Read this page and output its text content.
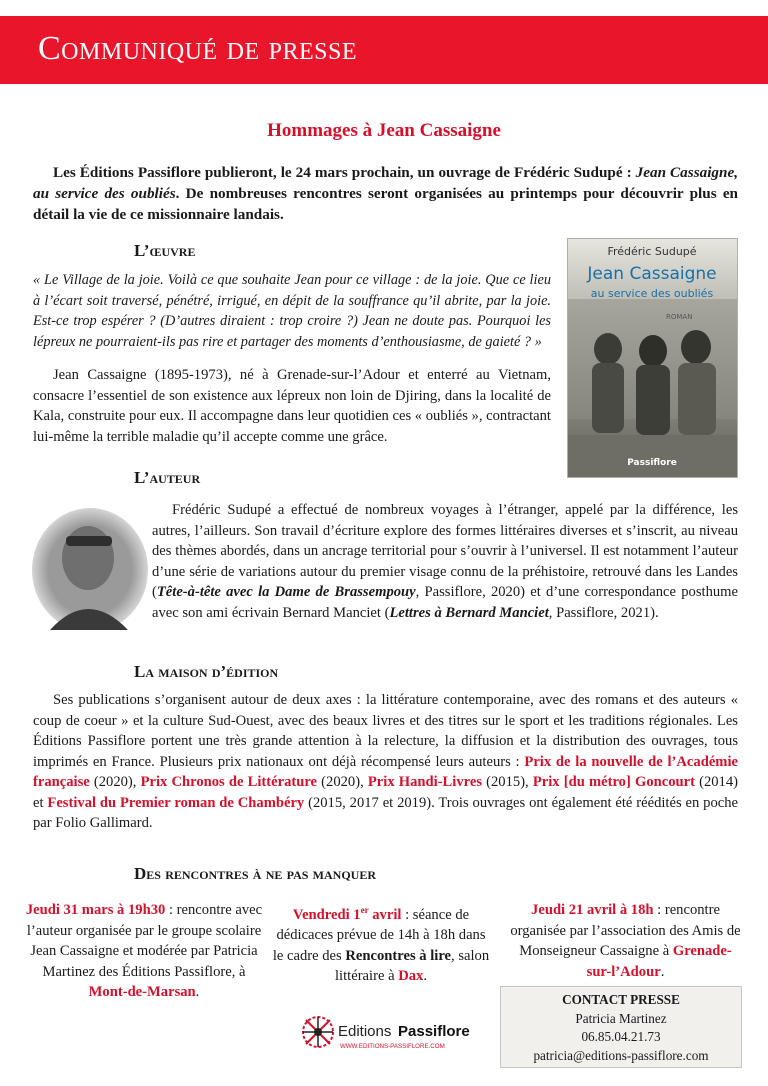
Communiqué de presse
Hommages à Jean Cassaigne

Les Éditions Passiflore publieront, le 24 mars prochain, un ouvrage de Frédéric Sudupé : Jean Cassaigne, au service des oubliés. De nombreuses rencontres seront organisées au printemps pour découvrir plus en détail la vie de ce missionnaire landais.

L’œuvre

« Le Village de la joie. Voilà ce que souhaite Jean pour ce village : de la joie. Que ce lieu à l’écart soit traversé, pénétré, irrigué, en dépit de la souffrance qu’il abrite, par la joie. Est-ce trop espérer ? (D’autres diraient : trop croire ?) Jean ne doute pas. Pourquoi les lépreux ne pourraient-ils pas rire et partager des moments d’enthousiasme, de gaieté ? »

Jean Cassaigne (1895-1973), né à Grenade-sur-l’Adour et enterré au Vietnam, consacre l’essentiel de son existence aux lépreux non loin de Djiring, dans la localité de Kala, construite pour eux. Il accompagne dans leur quotidien ces « oubliés », contractant lui-même la terrible maladie qu’il accepte comme une grâce.

Frédéric Sudupé
Jean Cassaigne
au service des oubliés
ROMAN
Passiflore
L’auteur

Frédéric Sudupé a effectué de nombreux voyages à l’étranger, appelé par la différence, les autres, l’ailleurs. Son travail d’écriture explore des formes littéraires diverses et s’inscrit, au niveau des thèmes abordés, dans un ancrage territorial pour s’ouvrir à l’universel. Il est notamment l’auteur d’une série de variations autour du premier visage connu de la préhistoire, retrouvé dans les Landes (Tête-à-tête avec la Dame de Brassempouy, Passiflore, 2020) et d’une correspondance posthume avec son ami écrivain Bernard Manciet (Lettres à Bernard Manciet, Passiflore, 2021).

La maison d’édition

Ses publications s’organisent autour de deux axes : la littérature contemporaine, avec des romans et des auteurs « coup de coeur » et la culture Sud-Ouest, avec des beaux livres et des titres sur le sport et les traditions régionales. Les Éditions Passiflore portent une très grande attention à la relecture, la diffusion et la distribution des ouvrages, tous imprimés en France. Plusieurs prix nationaux ont déjà récompensé leurs auteurs : Prix de la nouvelle de l’Académie française (2020), Prix Chronos de Littérature (2020), Prix Handi-Livres (2015), Prix [du métro] Goncourt (2014) et Festival du Premier roman de Chambéry (2015, 2017 et 2019). Trois ouvrages ont également été réédités en poche par Folio Gallimard.

Des rencontres à ne pas manquer

Jeudi 31 mars à 19h30 : rencontre avec l’auteur organisée par le groupe scolaire Jean Cassaigne et modérée par Patricia Martinez des Éditions Passiflore, à Mont-de-Marsan.

Vendredi 1er avril : séance de dédicaces prévue de 14h à 18h dans le cadre des Rencontres à lire, salon littéraire à Dax.

Jeudi 21 avril à 18h : rencontre organisée par l’association des Amis de Monseigneur Cassaigne à Grenade-sur-l’Adour.

Editions Passiflore
WWW.EDITIONS-PASSIFLORE.COM
CONTACT PRESSE
Patricia Martinez
06.85.04.21.73
patricia@editions-passiflore.com
